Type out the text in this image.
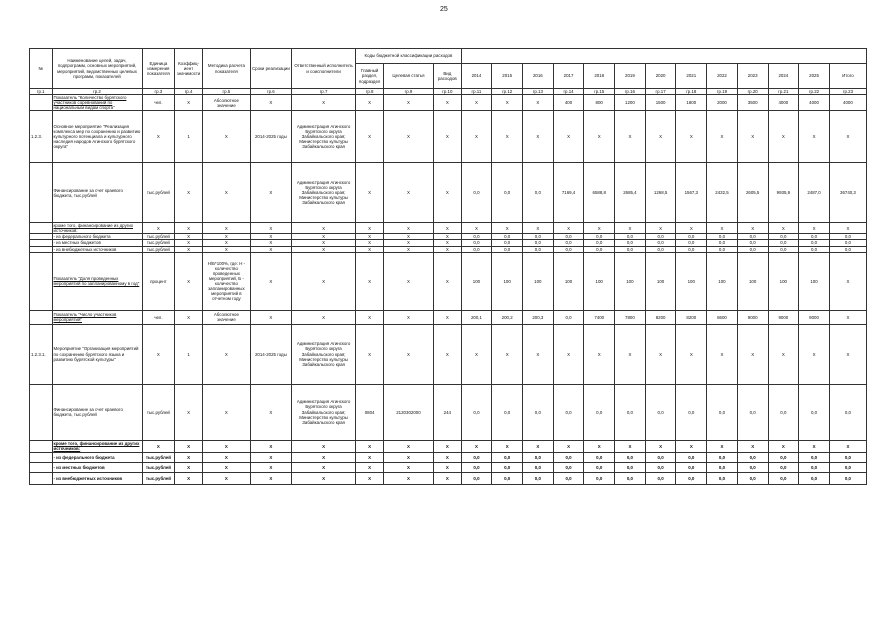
25
№	Наименование целей, задач, подпрограмм, основных мероприятий, мероприятий, ведомственных целевых программ, показателей	Единица измерения показателя	Коэффиц-иент значимости	Методика расчета показателя	Сроки реализации	Ответственный исполнитель и соисполнители	Коды бюджетной классификации расходов															
							Главный раздел, подраздел	Целевая статья	Вид расходов	2014	2015	2016	2017	2018	2019	2020	2021	2022	2023	2024	2025	Итого
гр.1	гр.2	гр.3	гр.4	гр.5	гр.6	гр.7	гр.8	гр.9	гр.10	гр.11	гр.12	гр.13	гр.14	гр.15	гр.16	гр.17	гр.18	гр.19	гр.20	гр.21	гр.22	гр.23
	Показатель "Количество бурятского участников соревнований по национальным видам спорта"	чел.	X	Абсолютное значение	X	X	X	X	X	X	X	X	400	800	1200	1500	1800	2000	3500	4000	4000	4000
1.2.3.	Основное мероприятие "Реализация комплекса мер по сохранению и развитию культурного потенциала и культурного наследия народов Агинского бурятского округа"	X	1	X	2014-2025 годы	Администрация Агинского Бурятского округа Забайкальского края; Министерство культуры Забайкальского края	X	X	X	X	X	X	X	X	X	X	X	X	X	X	X	X
	Финансирование за счет краевого бюджета, тыс.рублей	тыс.рублей	X	X	X	Администрация Агинского Бурятского округа Забайкальского края; Министерство культуры Забайкальского края	X	X	X	0,0	0,0	0,0	7169,4	6588,8	2685,4	1268,5	1567,3	2432,5	2605,5	9935,9	2487,0	36740,3
	кроме того, финансирование из других источников:	X	X	X	X	X	X	X	X	X	X	X	X	X	X	X	X	X	X	X	X	X
	- из федерального бюджета	тыс.рублей	X	X	X	X	X	X	X	0,0	0,0	0,0	0,0	0,0	0,0	0,0	0,0	0,0	0,0	0,0	0,0	0,0
	- из местных бюджетов	тыс.рублей	X	X	X	X	X	X	X	0,0	0,0	0,0	0,0	0,0	0,0	0,0	0,0	0,0	0,0	0,0	0,0	0,0
	- из внебюджетных источников	тыс.рублей	X	X	X	X	X	X	X	0,0	0,0	0,0	0,0	0,0	0,0	0,0	0,0	0,0	0,0	0,0	0,0	0,0
	Показатель "Доля проведенных мероприятий по запланированному в год"	процент	X	Н/Б*100%, где: Н - количество проведенных мероприятий, Б - количество запланированных мероприятий в отчетном году	X	X	X	X	X	100	100	100	100	100	100	100	100	100	100	100	100	X
	Показатель "Число участников мероприятий"	чел.	X	Абсолютное значение	X	X	X	X	X	200,1	200,2	200,3	0,0	7400	7800	8200	8200	8600	9000	9000	9000	X
1.2.3.1.	Мероприятие "Организация мероприятий по сохранению бурятского языка и развитию бурятской культуры"	X	1	X	2014-2025 годы	Администрация Агинского Бурятского округа Забайкальского края; Министерство культуры Забайкальского края	X	X	X	X	X	X	X	X	X	X	X	X	X	X	X	X
	Финансирование за счет краевого бюджета, тыс.рублей	тыс.рублей	X	X	X	Администрация Агинского Бурятского округа Забайкальского края; Министерство культуры Забайкальского края	0804	2120302000	244	0,0	0,0	0,0	0,0	0,0	0,0	0,0	0,0	0,0	0,0	0,0	0,0	0,0
	кроме того, финансирование из других источников:	X	X	X	X	X	X	X	X	X	X	X	X	X	X	X	X	X	X	X	X	X
	- из федерального бюджета	тыс.рублей	X	X	X	X	X	X	X	0,0	0,0	0,0	0,0	0,0	0,0	0,0	0,0	0,0	0,0	0,0	0,0	0,0
	- из местных бюджетов	тыс.рублей	X	X	X	X	X	X	X	0,0	0,0	0,0	0,0	0,0	0,0	0,0	0,0	0,0	0,0	0,0	0,0	0,0
	- из внебюджетных источников	тыс.рублей	X	X	X	X	X	X	X	0,0	0,0	0,0	0,0	0,0	0,0	0,0	0,0	0,0	0,0	0,0	0,0	0,0
